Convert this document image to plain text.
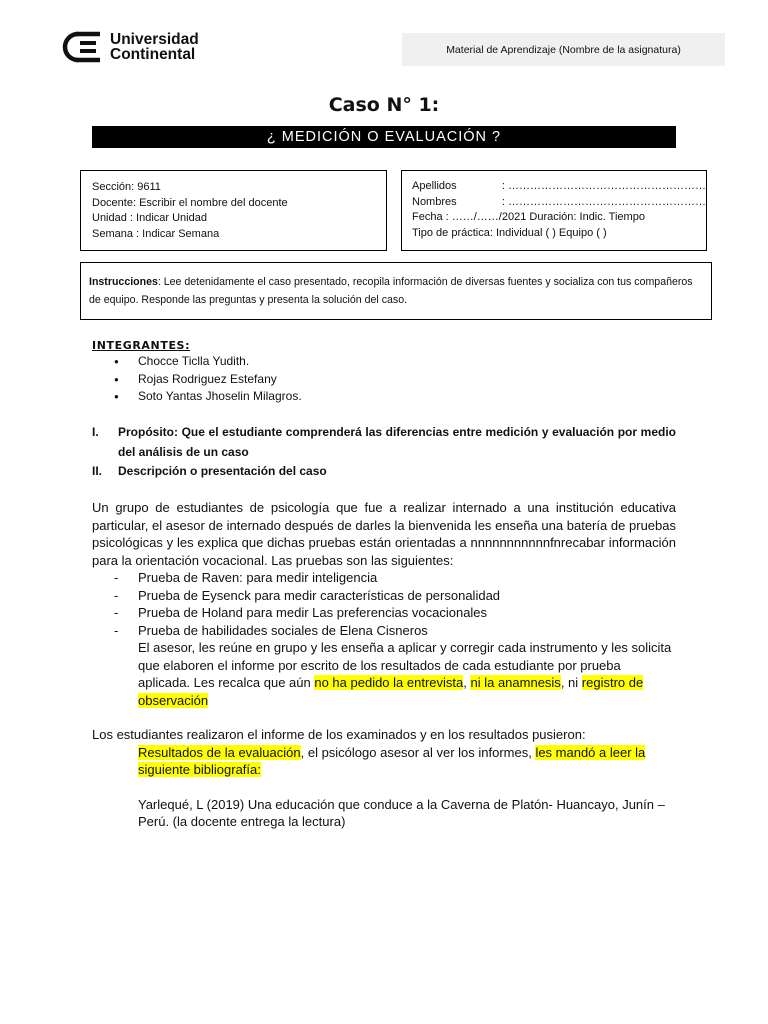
Universidad
Continental	Material de Aprendizaje (Nombre de la asignatura)
Caso N° 1:
¿ MEDICIÓN O EVALUACIÓN ?
Sección: 9611
Docente: Escribir el nombre del docente
Unidad : Indicar Unidad
Semana : Indicar Semana
Apellidos	: ………………………………………………
Nombres	: ………………………………………………
Fecha : ……/……/2021 Duración: Indic. Tiempo
Tipo de práctica: Individual ( ) Equipo ( )
Instrucciones: Lee detenidamente el caso presentado, recopila información de diversas fuentes y socializa con tus compañeros de equipo. Responde las preguntas y presenta la solución del caso.
INTEGRANTES:
● Chocce Ticlla Yudith.
● Rojas Rodriguez Estefany
● Soto Yantas Jhoselin Milagros.
I.	Propósito: Que el estudiante comprenderá las diferencias entre medición y evaluación por medio del análisis de un caso
II.	Descripción o presentación del caso

Un grupo de estudiantes de psicología que fue a realizar internado a una institución educativa particular, el asesor de internado después de darles la bienvenida les enseña una batería de pruebas psicológicas y les explica que dichas pruebas están orientadas a nnnnnnnnnnnfnrecabar información para la orientación vocacional. Las pruebas son las siguientes:

- Prueba de Raven: para medir inteligencia
- Prueba de Eysenck para medir características de personalidad
- Prueba de Holand para medir Las preferencias vocacionales
- Prueba de habilidades sociales de Elena Cisneros

El asesor, les reúne en grupo y les enseña a aplicar y corregir cada instrumento y les solicita que elaboren el informe por escrito de los resultados de cada estudiante por prueba aplicada. Les recalca que aún no ha pedido la entrevista, ni la anamnesis, ni registro de observación

Los estudiantes realizaron el informe de los examinados y en los resultados pusieron:

Resultados de la evaluación, el psicólogo asesor al ver los informes, les mandó a leer la siguiente bibliografía:

Yarlequé, L (2019) Una educación que conduce a la Caverna de Platón- Huancayo, Junín – Perú. (la docente entrega la lectura)
